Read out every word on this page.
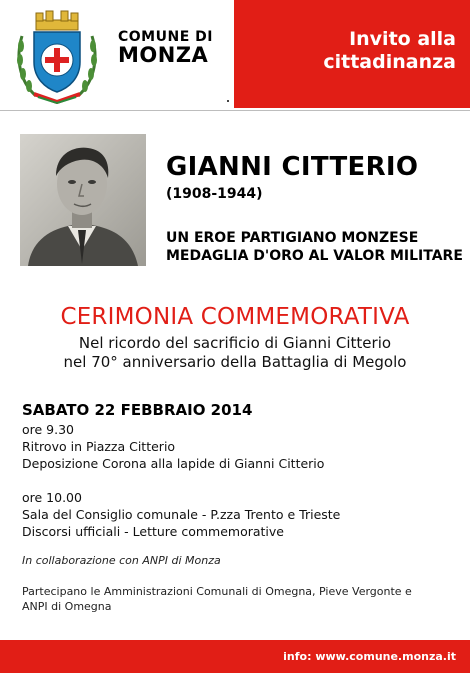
COMUNE DI
MONZA
Invito alla
cittadinanza
GIANNI CITTERIO
(1908-1944)
UN EROE PARTIGIANO MONZESE
MEDAGLIA D'ORO AL VALOR MILITARE
CERIMONIA COMMEMORATIVA
Nel ricordo del sacrificio di Gianni Citterio
nel 70° anniversario della Battaglia di Megolo
SABATO 22 FEBBRAIO 2014
ore 9.30
Ritrovo in Piazza Citterio
Deposizione Corona alla lapide di Gianni Citterio
ore 10.00
Sala del Consiglio comunale - P.zza Trento e Trieste
Discorsi ufficiali - Letture commemorative
In collaborazione con ANPI di Monza
Partecipano le Amministrazioni Comunali di Omegna, Pieve Vergonte e
ANPI di Omegna
info: www.comune.monza.it
